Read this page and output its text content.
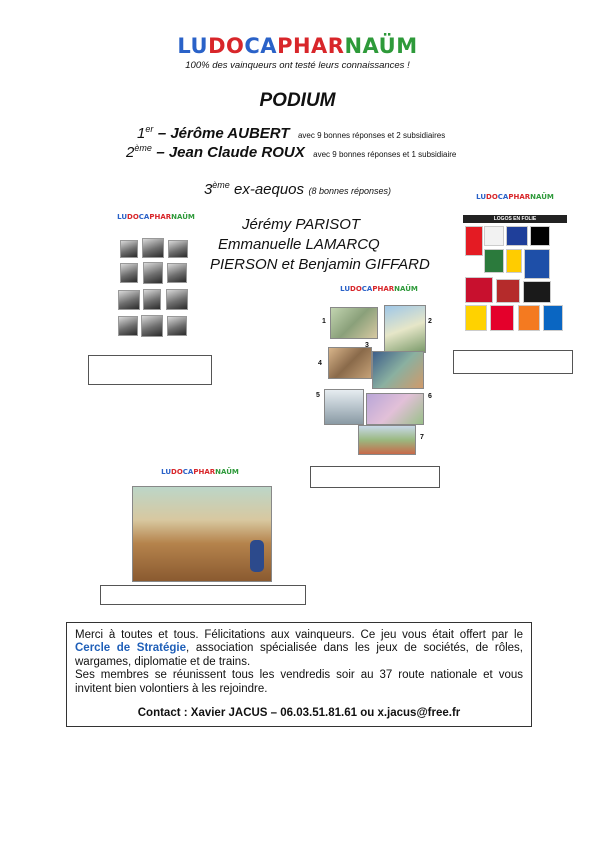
LUDOCAPHARNAÜM
100% des vainqueurs ont testé leurs connaissances !
PODIUM
1er – Jérôme AUBERT avec 9 bonnes réponses et 2 subsidiaires
2ème – Jean Claude ROUX avec 9 bonnes réponses et 1 subsidiaire
3ème ex-aequos (8 bonnes réponses)
Jérémy PARISOT
Emmanuelle LAMARCQ
PIERSON et Benjamin GIFFARD
LUDOCAPHARNAÜM
LUDOCAPHARNAÜM
LOGOS EN FOLIE
LUDOCAPHARNAÜM
1	2
3
4
5	6
7
LUDOCAPHARNAÜM
Merci à toutes et tous. Félicitations aux vainqueurs. Ce jeu vous était offert par le Cercle de Stratégie, association spécialisée dans les jeux de sociétés, de rôles, wargames, diplomatie et de trains.
Ses membres se réunissent tous les vendredis soir au 37 route nationale et vous invitent bien volontiers à les rejoindre.
Contact : Xavier JACUS – 06.03.51.81.61 ou x.jacus@free.fr
